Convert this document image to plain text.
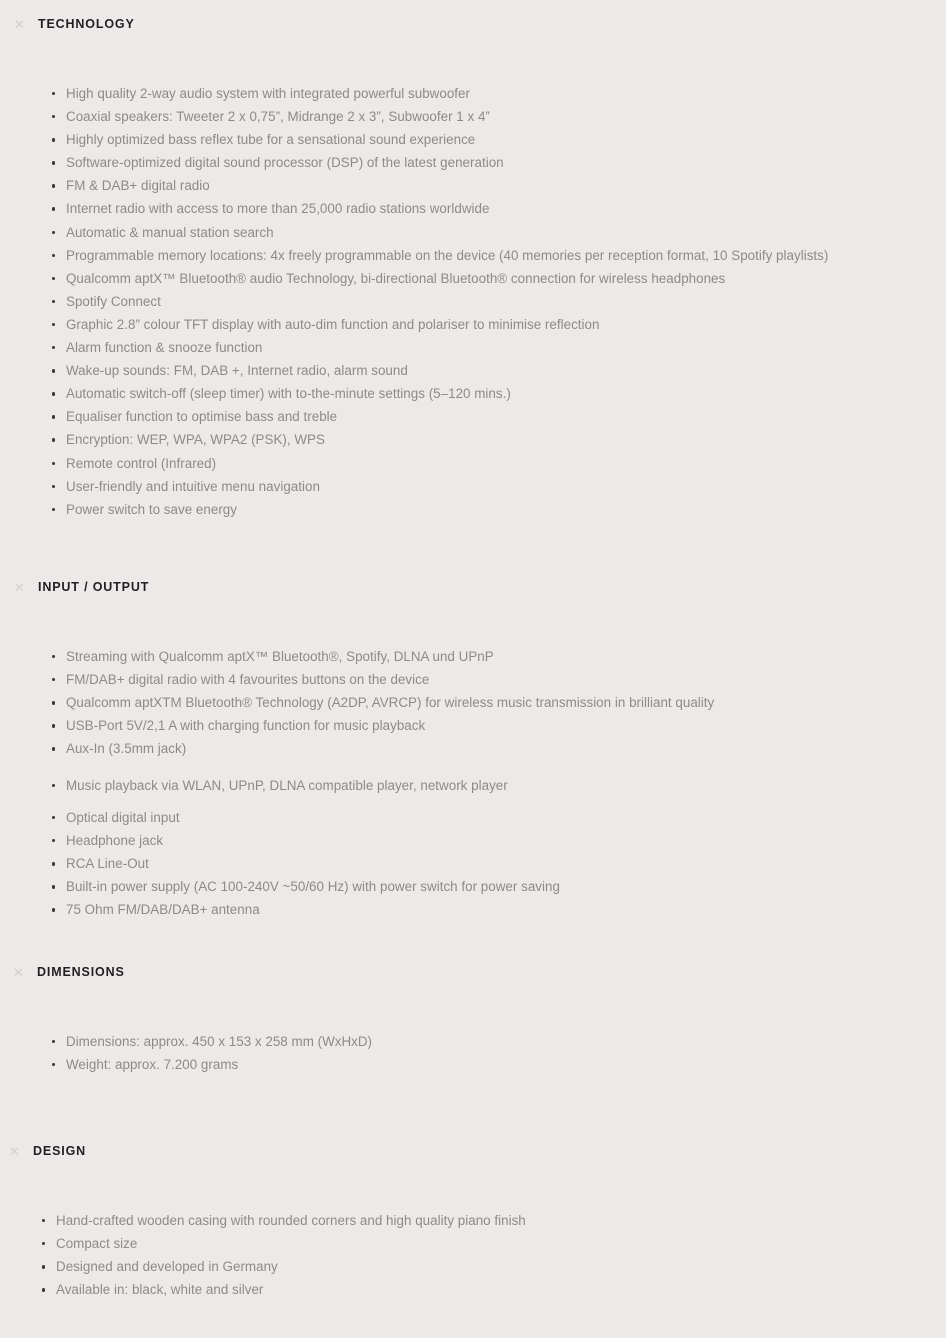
✕ TECHNOLOGY
High quality 2-way audio system with integrated powerful subwoofer
Coaxial speakers: Tweeter 2 x 0,75”, Midrange 2 x 3”, Subwoofer 1 x 4”
Highly optimized bass reflex tube for a sensational sound experience
Software-optimized digital sound processor (DSP) of the latest generation
FM & DAB+ digital radio
Internet radio with access to more than 25,000 radio stations worldwide
Automatic & manual station search
Programmable memory locations: 4x freely programmable on the device (40 memories per reception format, 10 Spotify playlists)
Qualcomm aptX™ Bluetooth® audio Technology, bi-directional Bluetooth® connection for wireless headphones
Spotify Connect
Graphic 2.8” colour TFT display with auto-dim function and polariser to minimise reflection
Alarm function & snooze function
Wake-up sounds: FM, DAB +, Internet radio, alarm sound
Automatic switch-off (sleep timer) with to-the-minute settings (5–120 mins.)
Equaliser function to optimise bass and treble
Encryption: WEP, WPA, WPA2 (PSK), WPS
Remote control (Infrared)
User-friendly and intuitive menu navigation
Power switch to save energy
✕ INPUT / OUTPUT
Streaming with Qualcomm aptX™ Bluetooth®, Spotify, DLNA und UPnP
FM/DAB+ digital radio with 4 favourites buttons on the device
Qualcomm aptXTM Bluetooth® Technology (A2DP, AVRCP) for wireless music transmission in brilliant quality
USB-Port 5V/2,1 A with charging function for music playback
Aux-In (3.5mm jack)
Music playback via WLAN, UPnP, DLNA compatible player, network player
Optical digital input
Headphone jack
RCA Line-Out
Built-in power supply (AC 100-240V ~50/60 Hz) with power switch for power saving
75 Ohm FM/DAB/DAB+ antenna
✕ DIMENSIONS
Dimensions: approx. 450 x 153 x 258 mm (WxHxD)
Weight: approx. 7.200 grams
✕ DESIGN
Hand-crafted wooden casing with rounded corners and high quality piano finish
Compact size
Designed and developed in Germany
Available in: black, white and silver
